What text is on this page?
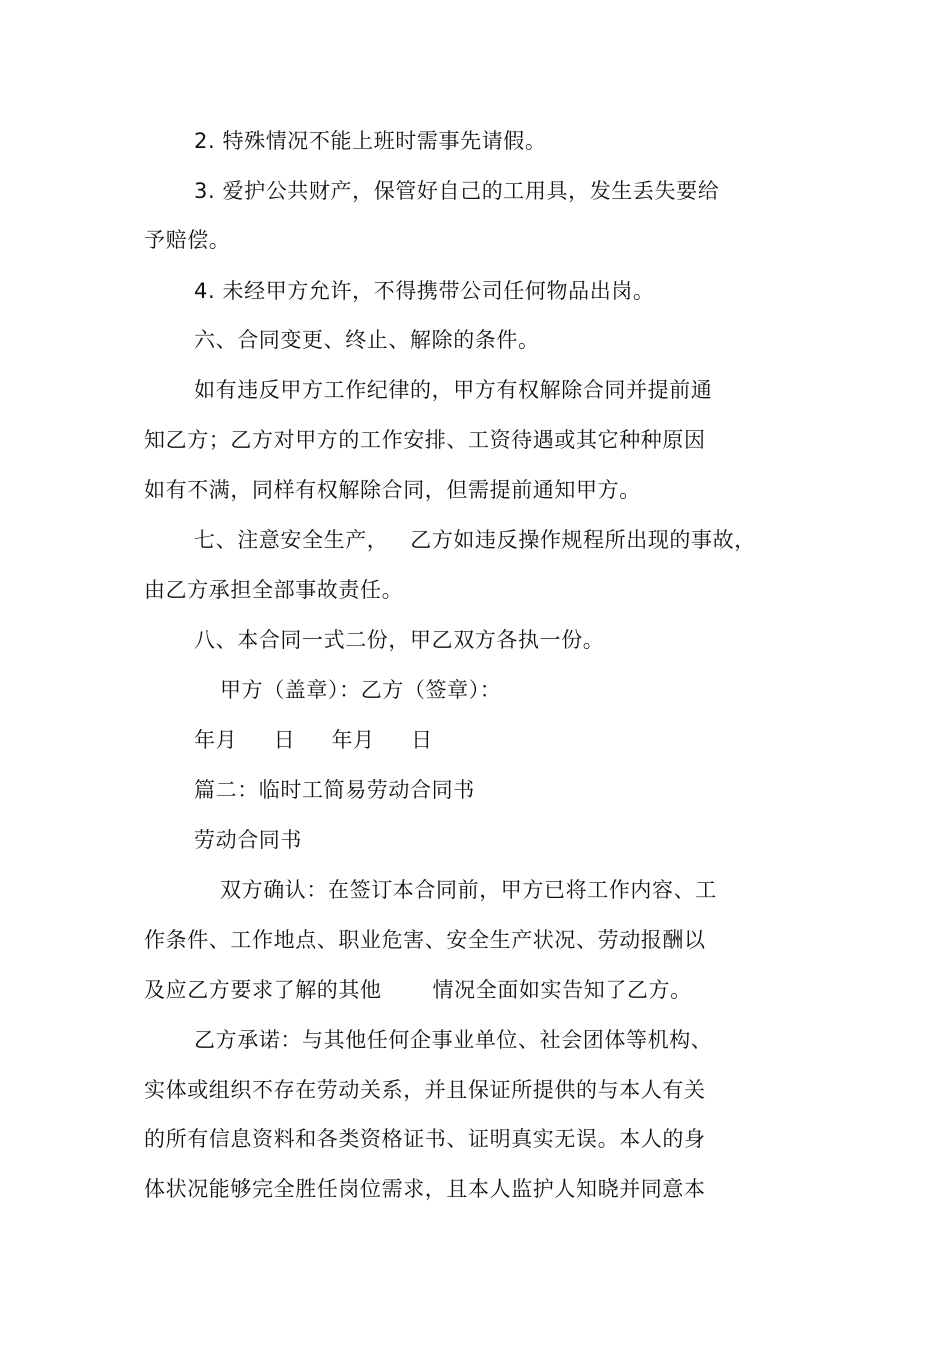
2. 特殊情况不能上班时需事先请假。
3. 爱护公共财产，保管好自己的工用具，发生丢失要给
予赔偿。
4. 未经甲方允许，不得携带公司任何物品出岗。
六、合同变更、终止、解除的条件。
如有违反甲方工作纪律的，甲方有权解除合同并提前通
知乙方；乙方对甲方的工作安排、工资待遇或其它种种原因
如有不满，同样有权解除合同，但需提前通知甲方。
七、注意安全生产，   乙方如违反操作规程所出现的事故，
由乙方承担全部事故责任。
八、本合同一式二份，甲乙双方各执一份。
甲方（盖章）：乙方（签章）：
年月     日     年月     日
篇二：临时工简易劳动合同书
劳动合同书
双方确认：在签订本合同前，甲方已将工作内容、工
作条件、工作地点、职业危害、安全生产状况、劳动报酬以
及应乙方要求了解的其他       情况全面如实告知了乙方。
乙方承诺：与其他任何企事业单位、社会团体等机构、
实体或组织不存在劳动关系，并且保证所提供的与本人有关
的所有信息资料和各类资格证书、证明真实无误。本人的身
体状况能够完全胜任岗位需求，且本人监护人知晓并同意本
